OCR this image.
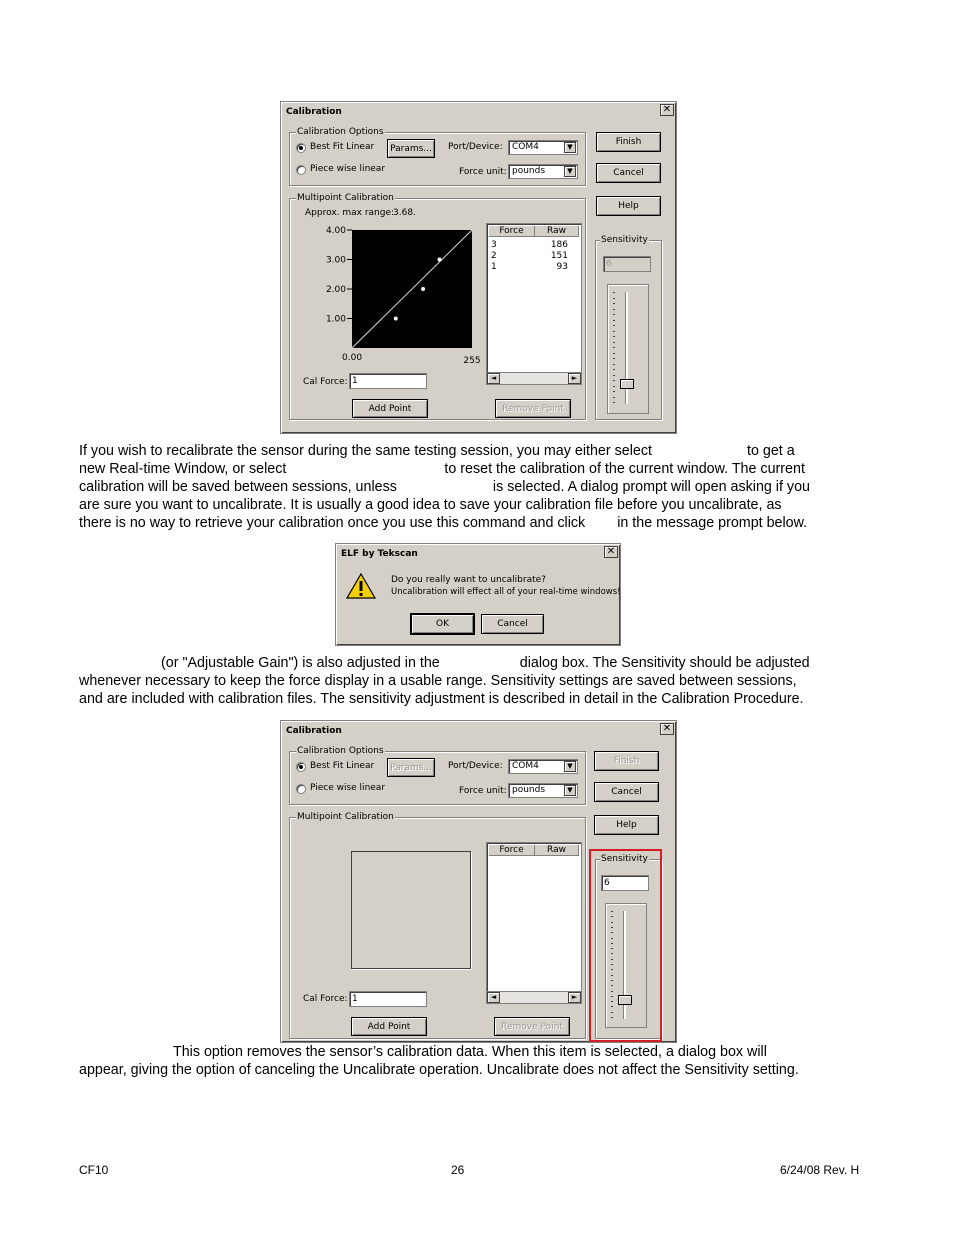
Calibration	✕
Calibration Options
Best Fit Linear
Piece wise linear
Params...	Port/Device:	COM4	▼
Force unit: pounds	▼
Finish
Cancel
Help
Sensitivity
6
Multipoint Calibration
Approx. max range:
3.68.
4.00
3.00
2.00
1.00
0.00	255
Force	Raw
3	186
2	151
1	93
◄	►
Cal Force: 1
Add Point	Remove Point
If you wish to recalibrate the sensor during the same testing session, you may either select	to get a
new Real-time Window, or select	to reset the calibration of the current window. The current
calibration will be saved between sessions, unless	is selected. A dialog prompt will open asking if you
are sure you want to uncalibrate. It is usually a good idea to save your calibration file before you uncalibrate, as
there is no way to retrieve your calibration once you use this command and click in the message prompt below.
ELF by Tekscan	✕
Do you really want to uncalibrate?
Uncalibration will effect all of your real-time windows!
OK	Cancel
(or "Adjustable Gain") is also adjusted in the	dialog box. The Sensitivity should be adjusted
whenever necessary to keep the force display in a usable range. Sensitivity settings are saved between sessions,
and are included with calibration files. The sensitivity adjustment is described in detail in the Calibration Procedure.
Calibration	✕
Calibration Options
Best Fit Linear
Piece wise linear
Params...	Port/Device:	COM4	▼
Force unit: pounds	▼
Finish
Cancel
Help
Sensitivity
6
Multipoint Calibration
Force	Raw
◄	►
Cal Force: 1
Add Point	Remove Point
This option removes the sensor’s calibration data. When this item is selected, a dialog box will
appear, giving the option of canceling the Uncalibrate operation. Uncalibrate does not affect the Sensitivity setting.
CF10	26	6/24/08 Rev. H
